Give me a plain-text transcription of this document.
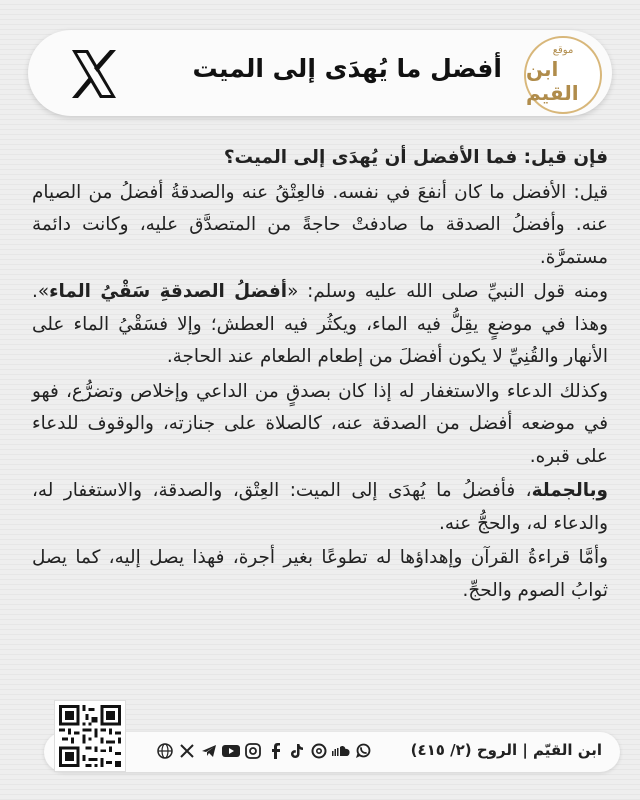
أفضل ما يُهدَى إلى الميت
موقع
ابن القيم

فإن قيل: فما الأفضل أن يُهدَى إلى الميت؟

قيل: الأفضل ما كان أنفعَ في نفسه. فالعِتْقُ عنه والصدقةُ أفضلُ من الصيام عنه. وأفضلُ الصدقة ما صادفتْ حاجةً من المتصدَّق عليه، وكانت دائمة مستمرَّة.

ومنه قول النبيِّ صلى الله عليه وسلم: «أفضلُ الصدقةِ سَقْيُ الماء». وهذا في موضعٍ يقِلُّ فيه الماء، ويكثُر فيه العطش؛ وإلا فسَقْيُ الماء على الأنهار والقُنِيِّ لا يكون أفضلَ من إطعام الطعام عند الحاجة.

وكذلك الدعاء والاستغفار له إذا كان بصدقٍ من الداعي وإخلاص وتضرُّع، فهو في موضعه أفضل من الصدقة عنه، كالصلاة على جنازته، والوقوف للدعاء على قبره.

وبالجملة، فأفضلُ ما يُهدَى إلى الميت: العِتْق، والصدقة، والاستغفار له، والدعاء له، والحجُّ عنه.

وأمَّا قراءةُ القرآن وإهداؤها له تطوعًا بغير أجرة، فهذا يصل إليه، كما يصل ثوابُ الصوم والحجِّ.

ابن القيّم | الروح (٢/ ٤١٥)
